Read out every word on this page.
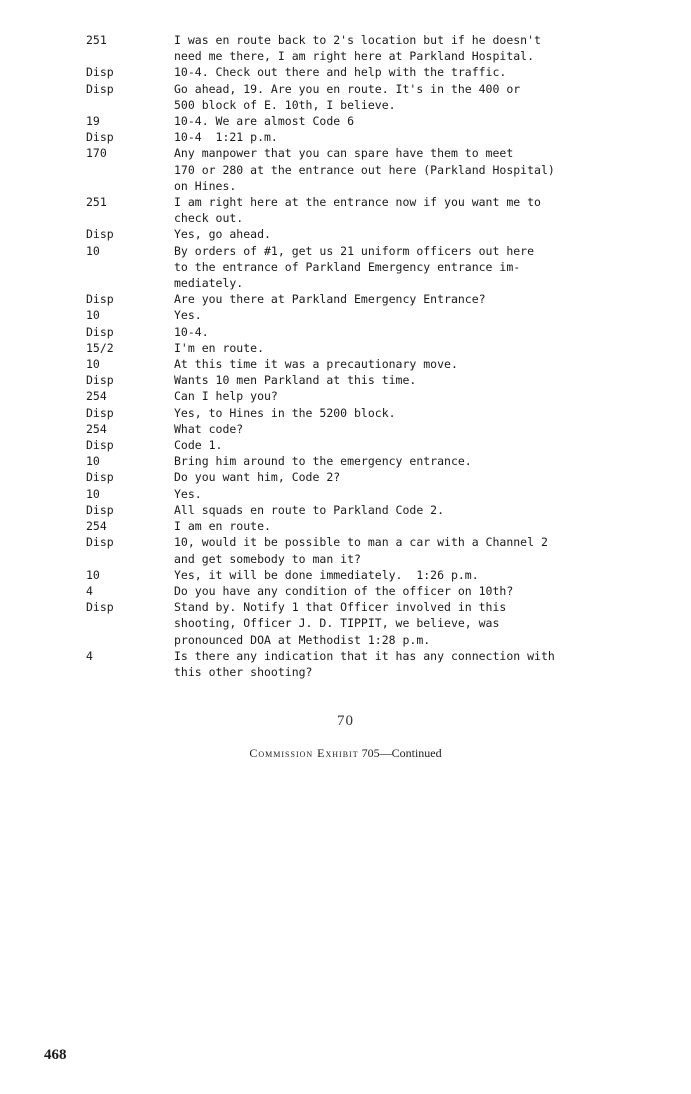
251	I was en route back to 2's location but if he doesn't
need me there, I am right here at Parkland Hospital.
Disp	10-4. Check out there and help with the traffic.
Disp	Go ahead, 19. Are you en route. It's in the 400 or
500 block of E. 10th, I believe.
19	10-4. We are almost Code 6
Disp	10-4  1:21 p.m.
170	Any manpower that you can spare have them to meet
170 or 280 at the entrance out here (Parkland Hospital)
on Hines.
251	I am right here at the entrance now if you want me to
check out.
Disp	Yes, go ahead.
10	By orders of #1, get us 21 uniform officers out here
to the entrance of Parkland Emergency entrance im-
mediately.
Disp	Are you there at Parkland Emergency Entrance?
10	Yes.
Disp	10-4.
15/2	I'm en route.
10	At this time it was a precautionary move.
Disp	Wants 10 men Parkland at this time.
254	Can I help you?
Disp	Yes, to Hines in the 5200 block.
254	What code?
Disp	Code 1.
10	Bring him around to the emergency entrance.
Disp	Do you want him, Code 2?
10	Yes.
Disp	All squads en route to Parkland Code 2.
254	I am en route.
Disp	10, would it be possible to man a car with a Channel 2
and get somebody to man it?
10	Yes, it will be done immediately.  1:26 p.m.
4	Do you have any condition of the officer on 10th?
Disp	Stand by. Notify 1 that Officer involved in this
shooting, Officer J. D. TIPPIT, we believe, was
pronounced DOA at Methodist 1:28 p.m.
4	Is there any indication that it has any connection with
this other shooting?
70
Commission Exhibit 705—Continued
468
